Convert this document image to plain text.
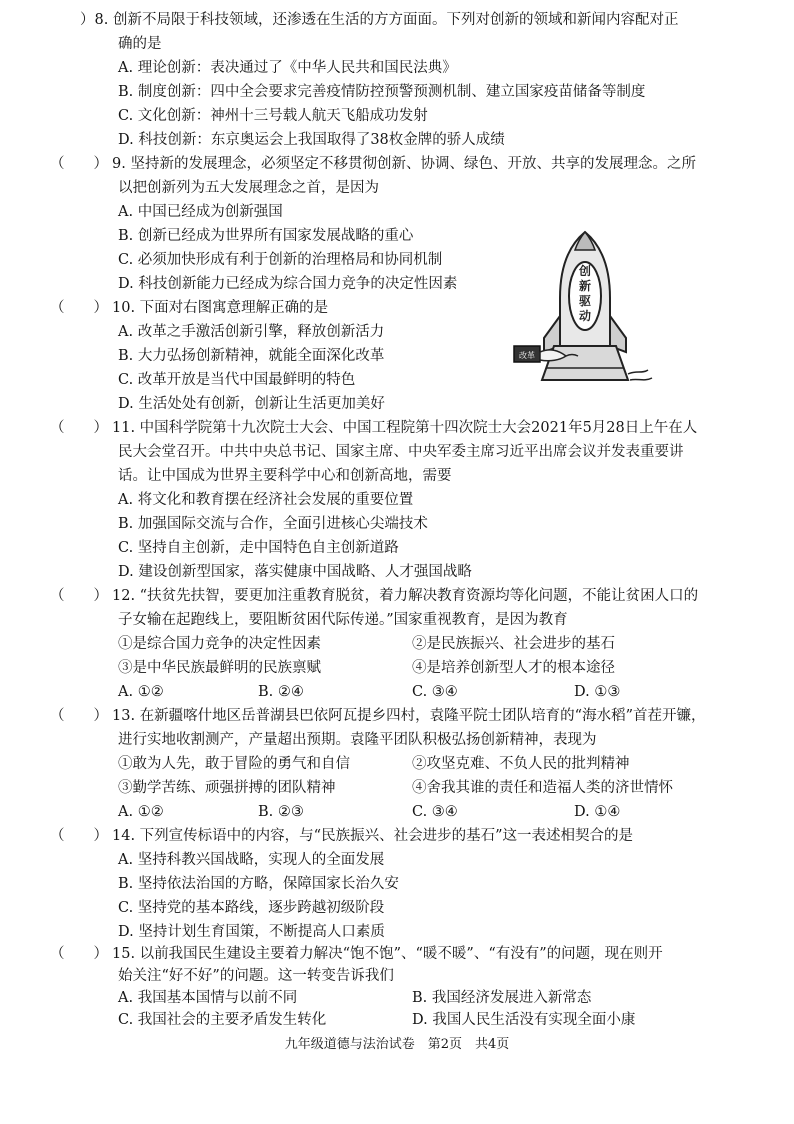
）8. 创新不局限于科技领域，还渗透在生活的方方面面。下列对创新的领域和新闻内容配对正
确的是
A. 理论创新：表决通过了《中华人民共和国民法典》
B. 制度创新：四中全会要求完善疫情防控预警预测机制、建立国家疫苗储备等制度
C. 文化创新：神州十三号载人航天飞船成功发射
D. 科技创新：东京奥运会上我国取得了38枚金牌的骄人成绩
（　　） 9. 坚持新的发展理念，必须坚定不移贯彻创新、协调、绿色、开放、共享的发展理念。之所
以把创新列为五大发展理念之首，是因为
A. 中国已经成为创新强国
B. 创新已经成为世界所有国家发展战略的重心
C. 必须加快形成有利于创新的治理格局和协同机制
D. 科技创新能力已经成为综合国力竞争的决定性因素
（　　） 10. 下面对右图寓意理解正确的是
A. 改革之手激活创新引擎，释放创新活力
B. 大力弘扬创新精神，就能全面深化改革
C. 改革开放是当代中国最鲜明的特色
D. 生活处处有创新，创新让生活更加美好
创
新
驱
动
改革
（　　） 11. 中国科学院第十九次院士大会、中国工程院第十四次院士大会2021年5月28日上午在人
民大会堂召开。中共中央总书记、国家主席、中央军委主席习近平出席会议并发表重要讲
话。让中国成为世界主要科学中心和创新高地，需要
A. 将文化和教育摆在经济社会发展的重要位置
B. 加强国际交流与合作，全面引进核心尖端技术
C. 坚持自主创新，走中国特色自主创新道路
D. 建设创新型国家，落实健康中国战略、人才强国战略
（　　） 12. “扶贫先扶智，要更加注重教育脱贫，着力解决教育资源均等化问题，不能让贫困人口的
子女输在起跑线上，要阻断贫困代际传递。”国家重视教育，是因为教育
①是综合国力竞争的决定性因素	②是民族振兴、社会进步的基石
③是中华民族最鲜明的民族禀赋	④是培养创新型人才的根本途径
A. ①②	B. ②④	C. ③④	D. ①③
（　　） 13. 在新疆喀什地区岳普湖县巴依阿瓦提乡四村，袁隆平院士团队培育的“海水稻”首茬开镰，
进行实地收割测产，产量超出预期。袁隆平团队积极弘扬创新精神，表现为
①敢为人先，敢于冒险的勇气和自信	②攻坚克难、不负人民的批判精神
③勤学苦练、顽强拼搏的团队精神	④舍我其谁的责任和造福人类的济世情怀
A. ①②	B. ②③	C. ③④	D. ①④
（　　） 14. 下列宣传标语中的内容，与“民族振兴、社会进步的基石”这一表述相契合的是
A. 坚持科教兴国战略，实现人的全面发展
B. 坚持依法治国的方略，保障国家长治久安
C. 坚持党的基本路线，逐步跨越初级阶段
D. 坚持计划生育国策，不断提高人口素质
（　　） 15. 以前我国民生建设主要着力解决“饱不饱”、“暖不暖”、“有没有”的问题，现在则开
始关注“好不好”的问题。这一转变告诉我们
A. 我国基本国情与以前不同	B. 我国经济发展进入新常态
C. 我国社会的主要矛盾发生转化	D. 我国人民生活没有实现全面小康
九年级道德与法治试卷　第2页　共4页
